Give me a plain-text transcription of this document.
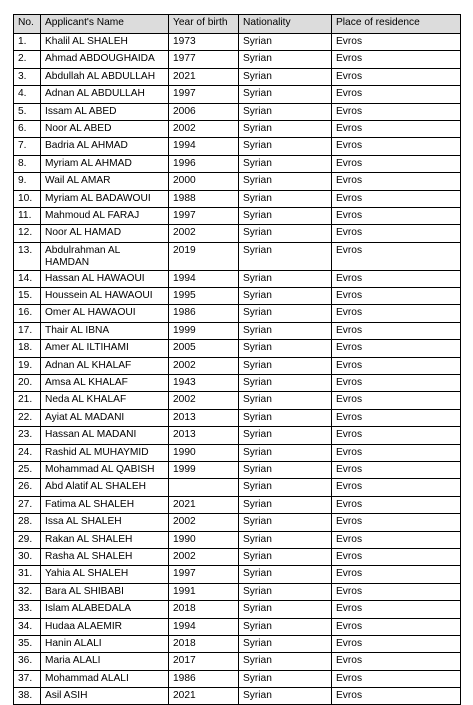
No.	Applicant's Name	Year of birth	Nationality	Place of residence
1.	Khalil AL SHALEH	1973	Syrian	Evros
2.	Ahmad ABDOUGHAIDA	1977	Syrian	Evros
3.	Abdullah AL ABDULLAH	2021	Syrian	Evros
4.	Adnan AL ABDULLAH	1997	Syrian	Evros
5.	Issam AL ABED	2006	Syrian	Evros
6.	Noor AL ABED	2002	Syrian	Evros
7.	Badria AL AHMAD	1994	Syrian	Evros
8.	Myriam AL AHMAD	1996	Syrian	Evros
9.	Wail AL AMAR	2000	Syrian	Evros
10.	Myriam AL BADAWOUI	1988	Syrian	Evros
11.	Mahmoud AL FARAJ	1997	Syrian	Evros
12.	Noor AL HAMAD	2002	Syrian	Evros
13.	Abdulrahman AL HAMDAN	2019	Syrian	Evros
14.	Hassan AL HAWAOUI	1994	Syrian	Evros
15.	Houssein AL HAWAOUI	1995	Syrian	Evros
16.	Omer AL HAWAOUI	1986	Syrian	Evros
17.	Thair AL IBNA	1999	Syrian	Evros
18.	Amer AL ILTIHAMI	2005	Syrian	Evros
19.	Adnan AL KHALAF	2002	Syrian	Evros
20.	Amsa AL KHALAF	1943	Syrian	Evros
21.	Neda AL KHALAF	2002	Syrian	Evros
22.	Ayiat AL MADANI	2013	Syrian	Evros
23.	Hassan AL MADANI	2013	Syrian	Evros
24.	Rashid AL MUHAYMID	1990	Syrian	Evros
25.	Mohammad AL QABISH	1999	Syrian	Evros
26.	Abd Alatif AL SHALEH		Syrian	Evros
27.	Fatima AL SHALEH	2021	Syrian	Evros
28.	Issa AL SHALEH	2002	Syrian	Evros
29.	Rakan AL SHALEH	1990	Syrian	Evros
30.	Rasha AL SHALEH	2002	Syrian	Evros
31.	Yahia AL SHALEH	1997	Syrian	Evros
32.	Bara AL SHIBABI	1991	Syrian	Evros
33.	Islam ALABEDALA	2018	Syrian	Evros
34.	Hudaa ALAEMIR	1994	Syrian	Evros
35.	Hanin ALALI	2018	Syrian	Evros
36.	Maria ALALI	2017	Syrian	Evros
37.	Mohammad ALALI	1986	Syrian	Evros
38.	Asil ASIH	2021	Syrian	Evros
